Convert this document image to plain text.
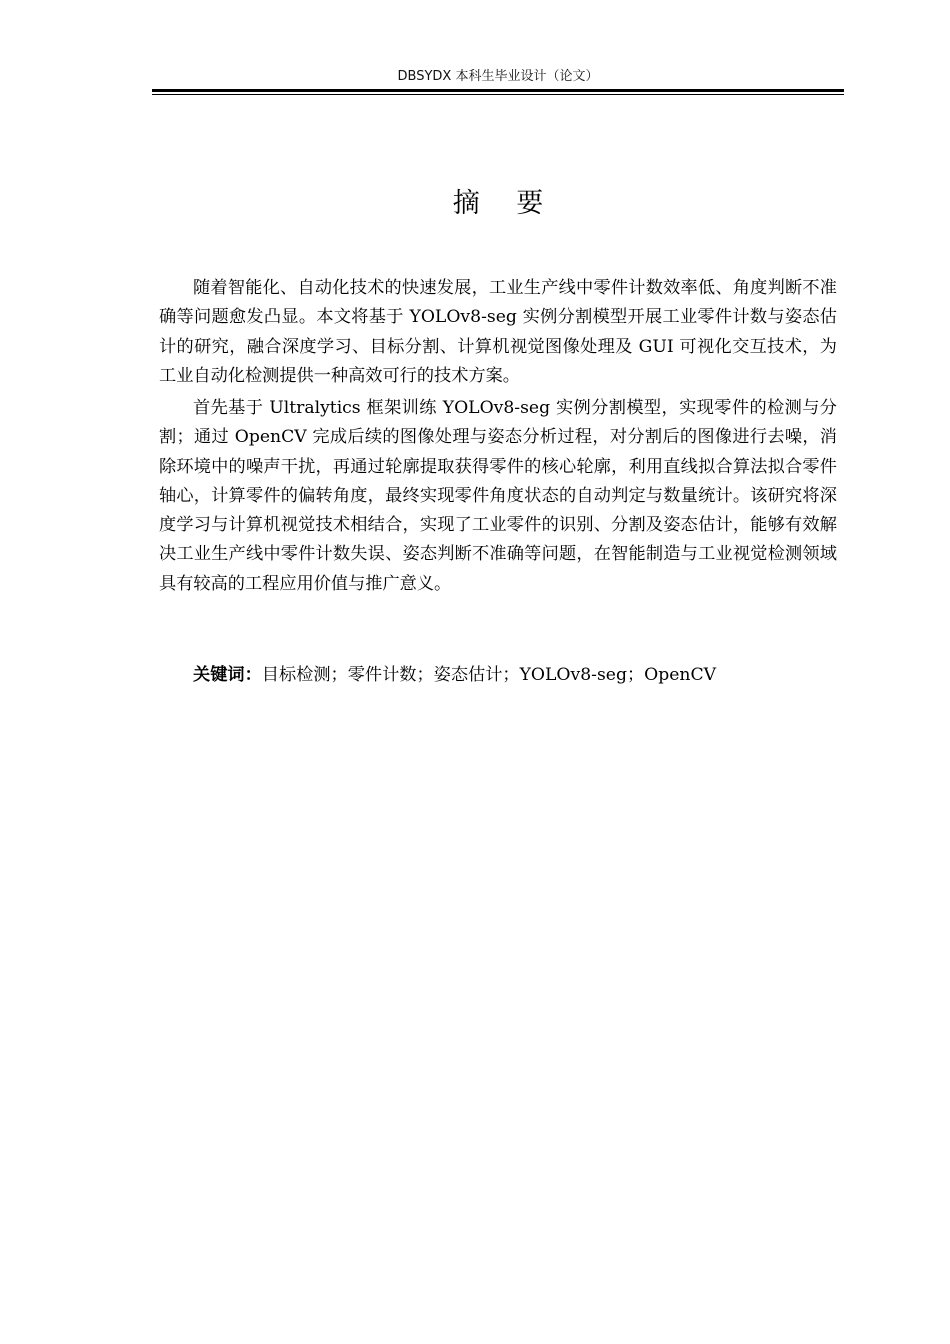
DBSYDX 本科生毕业设计（论文）
摘 要

随着智能化、自动化技术的快速发展，工业生产线中零件计数效率低、角度判断不准确等问题愈发凸显。本文将基于 YOLOv8-seg 实例分割模型开展工业零件计数与姿态估计的研究，融合深度学习、目标分割、计算机视觉图像处理及 GUI 可视化交互技术，为工业自动化检测提供一种高效可行的技术方案。

首先基于 Ultralytics 框架训练 YOLOv8-seg 实例分割模型，实现零件的检测与分割；通过 OpenCV 完成后续的图像处理与姿态分析过程，对分割后的图像进行去噪，消除环境中的噪声干扰，再通过轮廓提取获得零件的核心轮廓，利用直线拟合算法拟合零件轴心，计算零件的偏转角度，最终实现零件角度状态的自动判定与数量统计。该研究将深度学习与计算机视觉技术相结合，实现了工业零件的识别、分割及姿态估计，能够有效解决工业生产线中零件计数失误、姿态判断不准确等问题，在智能制造与工业视觉检测领域具有较高的工程应用价值与推广意义。

关键词：目标检测；零件计数；姿态估计；YOLOv8-seg；OpenCV
